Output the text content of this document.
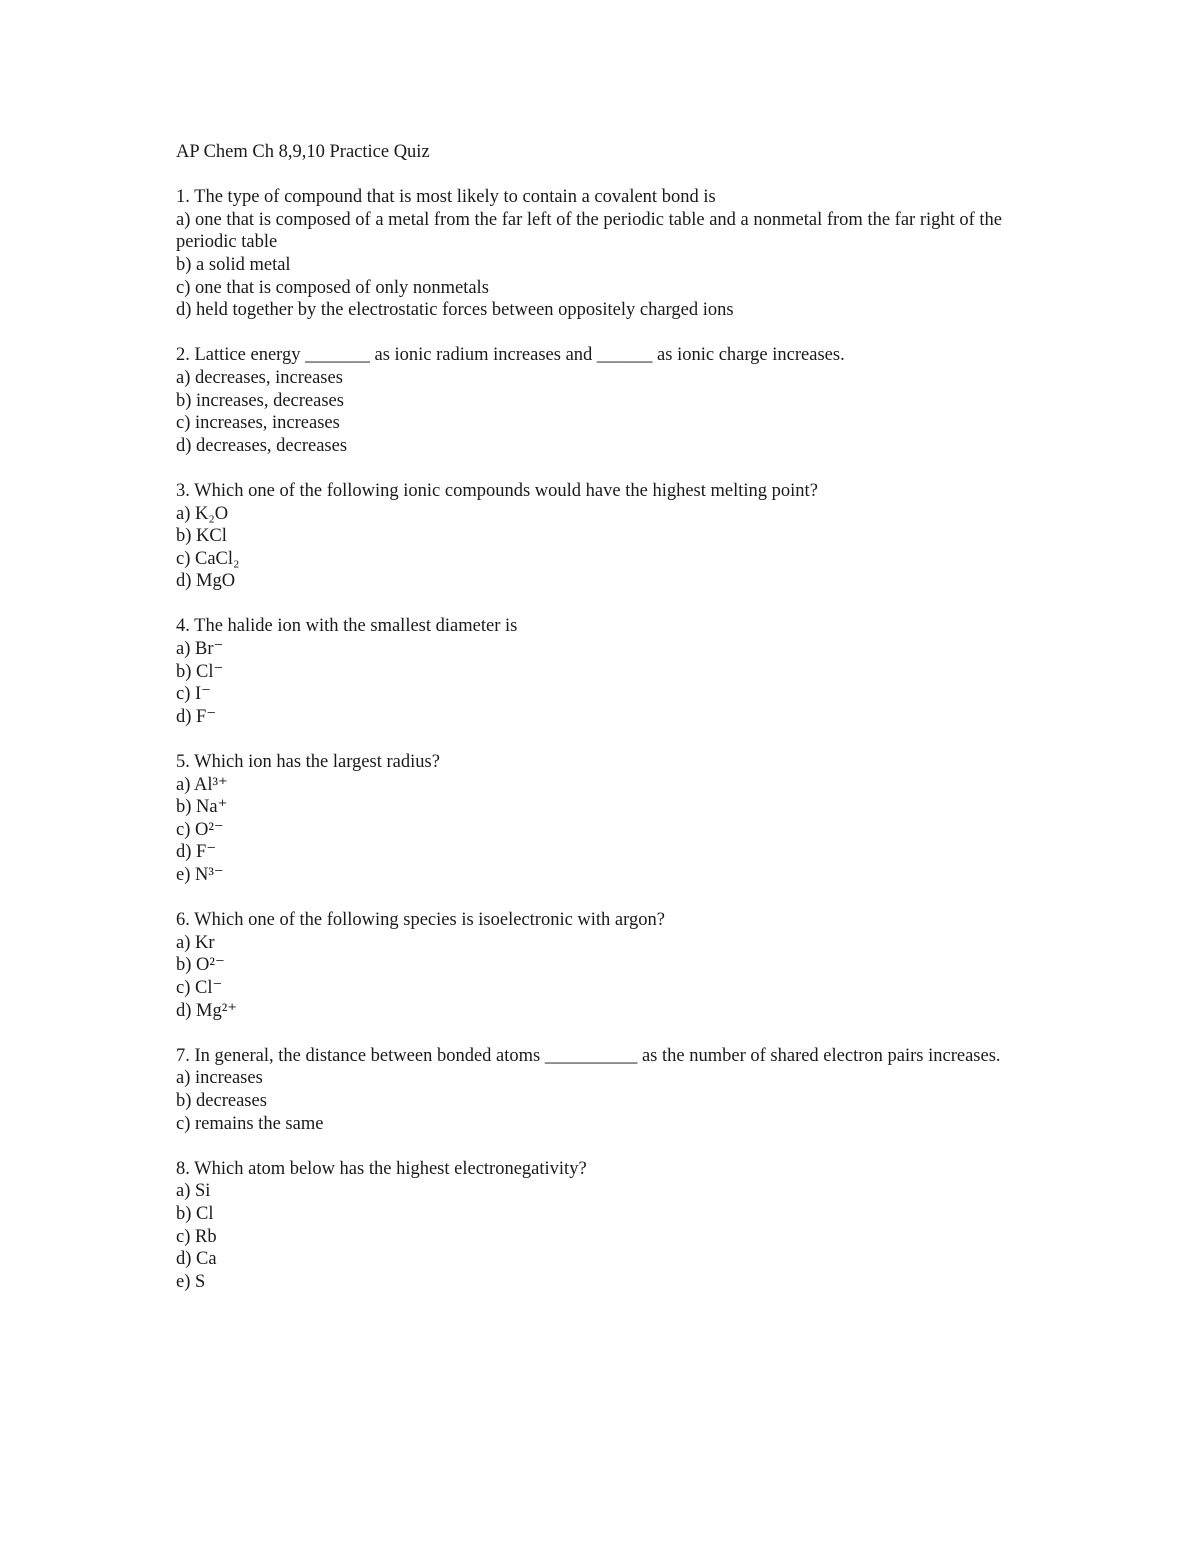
AP Chem Ch 8,9,10 Practice Quiz
1. The type of compound that is most likely to contain a covalent bond is
a) one that is composed of a metal from the far left of the periodic table and a nonmetal from the far right of the periodic table
b) a solid metal
c) one that is composed of only nonmetals
d) held together by the electrostatic forces between oppositely charged ions
2. Lattice energy _______ as ionic radium increases and ______ as ionic charge increases.
a) decreases, increases
b) increases, decreases
c) increases, increases
d) decreases, decreases
3. Which one of the following ionic compounds would have the highest melting point?
a) K₂O
b) KCl
c) CaCl₂
d) MgO
4. The halide ion with the smallest diameter is
a) Br⁻
b) Cl⁻
c) I⁻
d) F⁻
5. Which ion has the largest radius?
a) Al³⁺
b) Na⁺
c) O²⁻
d) F⁻
e) N³⁻
6. Which one of the following species is isoelectronic with argon?
a) Kr
b) O²⁻
c) Cl⁻
d) Mg²⁺
7. In general, the distance between bonded atoms __________ as the number of shared electron pairs increases.
a) increases
b) decreases
c) remains the same
8. Which atom below has the highest electronegativity?
a) Si
b) Cl
c) Rb
d) Ca
e) S
